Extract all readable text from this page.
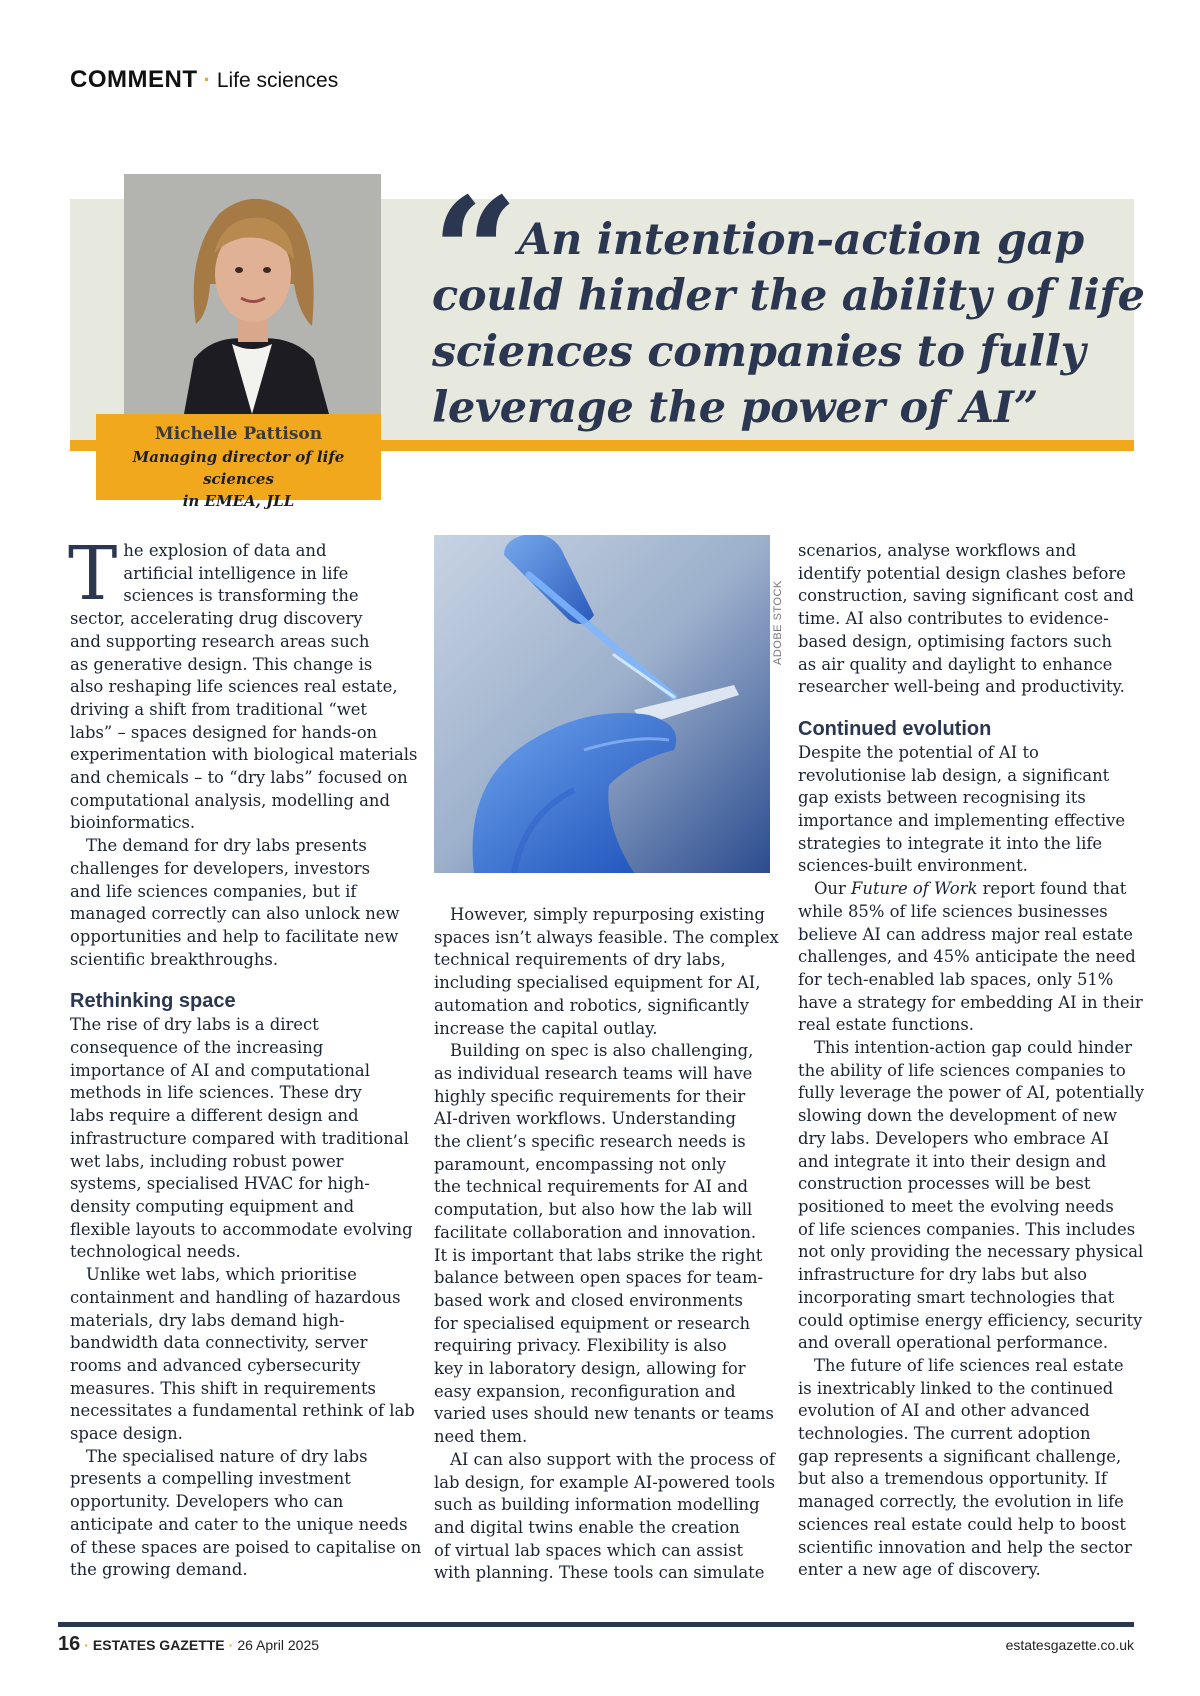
COMMENT · Life sciences
“ An intention-action gap
could hinder the ability of life
sciences companies to fully
leverage the power of AI”
Michelle Pattison
Managing director of life sciences
in EMEA, JLL
ADOBE STOCK
T he explosion of data and
artificial intelligence in life
sciences is transforming the
sector, accelerating drug discovery
and supporting research areas such
as generative design. This change is
also reshaping life sciences real estate,
driving a shift from traditional “wet
labs” – spaces designed for hands-on
experimentation with biological materials
and chemicals – to “dry labs” focused on
computational analysis, modelling and
bioinformatics.
The demand for dry labs presents
challenges for developers, investors
and life sciences companies, but if
managed correctly can also unlock new
opportunities and help to facilitate new
scientific breakthroughs.
Rethinking space
The rise of dry labs is a direct
consequence of the increasing
importance of AI and computational
methods in life sciences. These dry
labs require a different design and
infrastructure compared with traditional
wet labs, including robust power
systems, specialised HVAC for high-
density computing equipment and
flexible layouts to accommodate evolving
technological needs.
Unlike wet labs, which prioritise
containment and handling of hazardous
materials, dry labs demand high-
bandwidth data connectivity, server
rooms and advanced cybersecurity
measures. This shift in requirements
necessitates a fundamental rethink of lab
space design.
The specialised nature of dry labs
presents a compelling investment
opportunity. Developers who can
anticipate and cater to the unique needs
of these spaces are poised to capitalise on
the growing demand.
However, simply repurposing existing
spaces isn’t always feasible. The complex
technical requirements of dry labs,
including specialised equipment for AI,
automation and robotics, significantly
increase the capital outlay.
Building on spec is also challenging,
as individual research teams will have
highly specific requirements for their
AI-driven workflows. Understanding
the client’s specific research needs is
paramount, encompassing not only
the technical requirements for AI and
computation, but also how the lab will
facilitate collaboration and innovation.
It is important that labs strike the right
balance between open spaces for team-
based work and closed environments
for specialised equipment or research
requiring privacy. Flexibility is also
key in laboratory design, allowing for
easy expansion, reconfiguration and
varied uses should new tenants or teams
need them.
AI can also support with the process of
lab design, for example AI-powered tools
such as building information modelling
and digital twins enable the creation
of virtual lab spaces which can assist
with planning. These tools can simulate
scenarios, analyse workflows and
identify potential design clashes before
construction, saving significant cost and
time. AI also contributes to evidence-
based design, optimising factors such
as air quality and daylight to enhance
researcher well-being and productivity.
Continued evolution
Despite the potential of AI to
revolutionise lab design, a significant
gap exists between recognising its
importance and implementing effective
strategies to integrate it into the life
sciences-built environment.
Our Future of Work report found that
while 85% of life sciences businesses
believe AI can address major real estate
challenges, and 45% anticipate the need
for tech-enabled lab spaces, only 51%
have a strategy for embedding AI in their
real estate functions.
This intention-action gap could hinder
the ability of life sciences companies to
fully leverage the power of AI, potentially
slowing down the development of new
dry labs. Developers who embrace AI
and integrate it into their design and
construction processes will be best
positioned to meet the evolving needs
of life sciences companies. This includes
not only providing the necessary physical
infrastructure for dry labs but also
incorporating smart technologies that
could optimise energy efficiency, security
and overall operational performance.
The future of life sciences real estate
is inextricably linked to the continued
evolution of AI and other advanced
technologies. The current adoption
gap represents a significant challenge,
but also a tremendous opportunity. If
managed correctly, the evolution in life
sciences real estate could help to boost
scientific innovation and help the sector
enter a new age of discovery.
16 · ESTATES GAZETTE · 26 April 2025	estatesgazette.co.uk
